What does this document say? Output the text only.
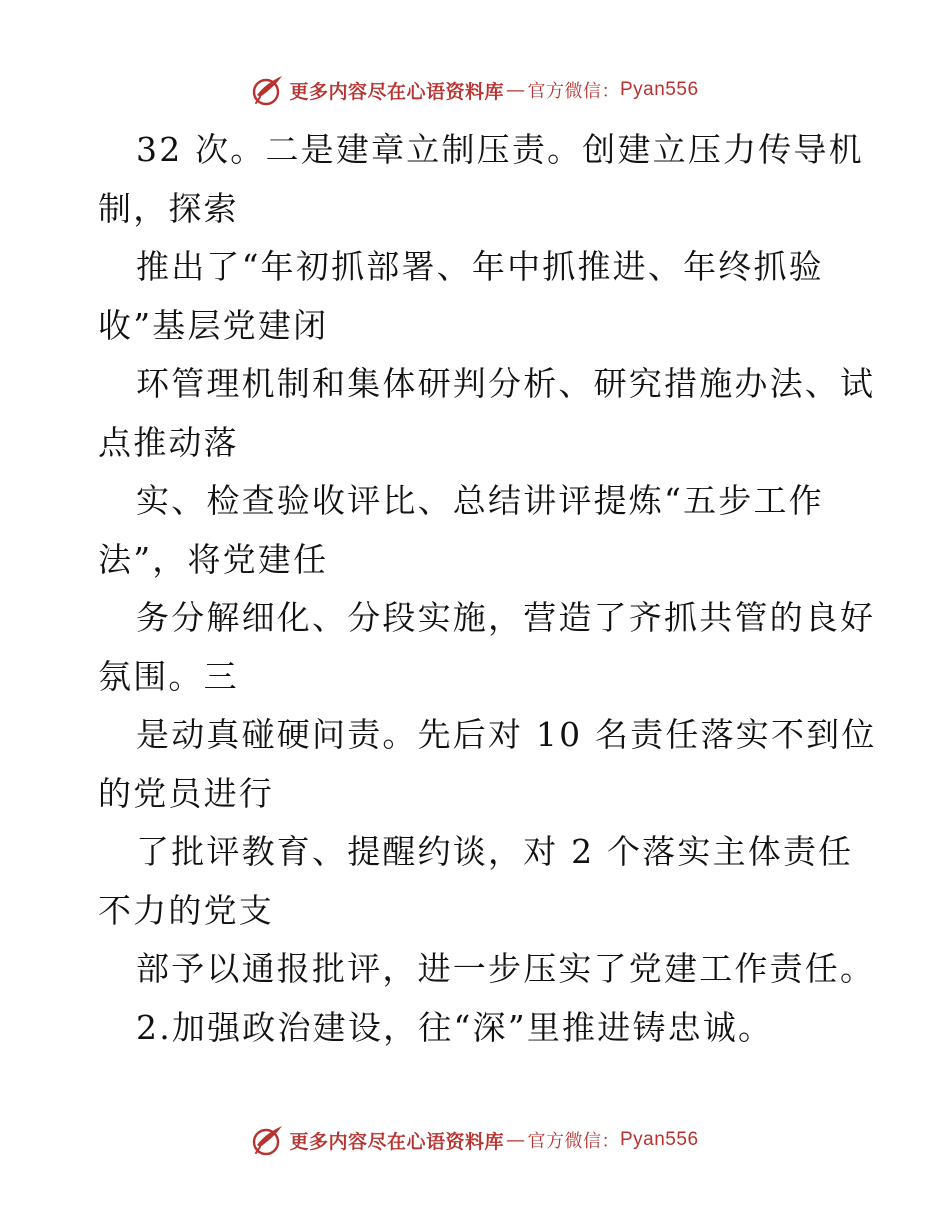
更多内容尽在心语资料库 — 官方微信： Pyan556
32 次。二是建章立制压责。创建立压力传导机
制，探索
推出了“年初抓部署、年中抓推进、年终抓验
收”基层党建闭
环管理机制和集体研判分析、研究措施办法、试
点推动落
实、检查验收评比、总结讲评提炼“五步工作
法”，将党建任
务分解细化、分段实施，营造了齐抓共管的良好
氛围。三
是动真碰硬问责。先后对 10 名责任落实不到位
的党员进行
了批评教育、提醒约谈，对 2 个落实主体责任
不力的党支
部予以通报批评，进一步压实了党建工作责任。
2.加强政治建设，往“深”里推进铸忠诚。
更多内容尽在心语资料库 — 官方微信： Pyan556
